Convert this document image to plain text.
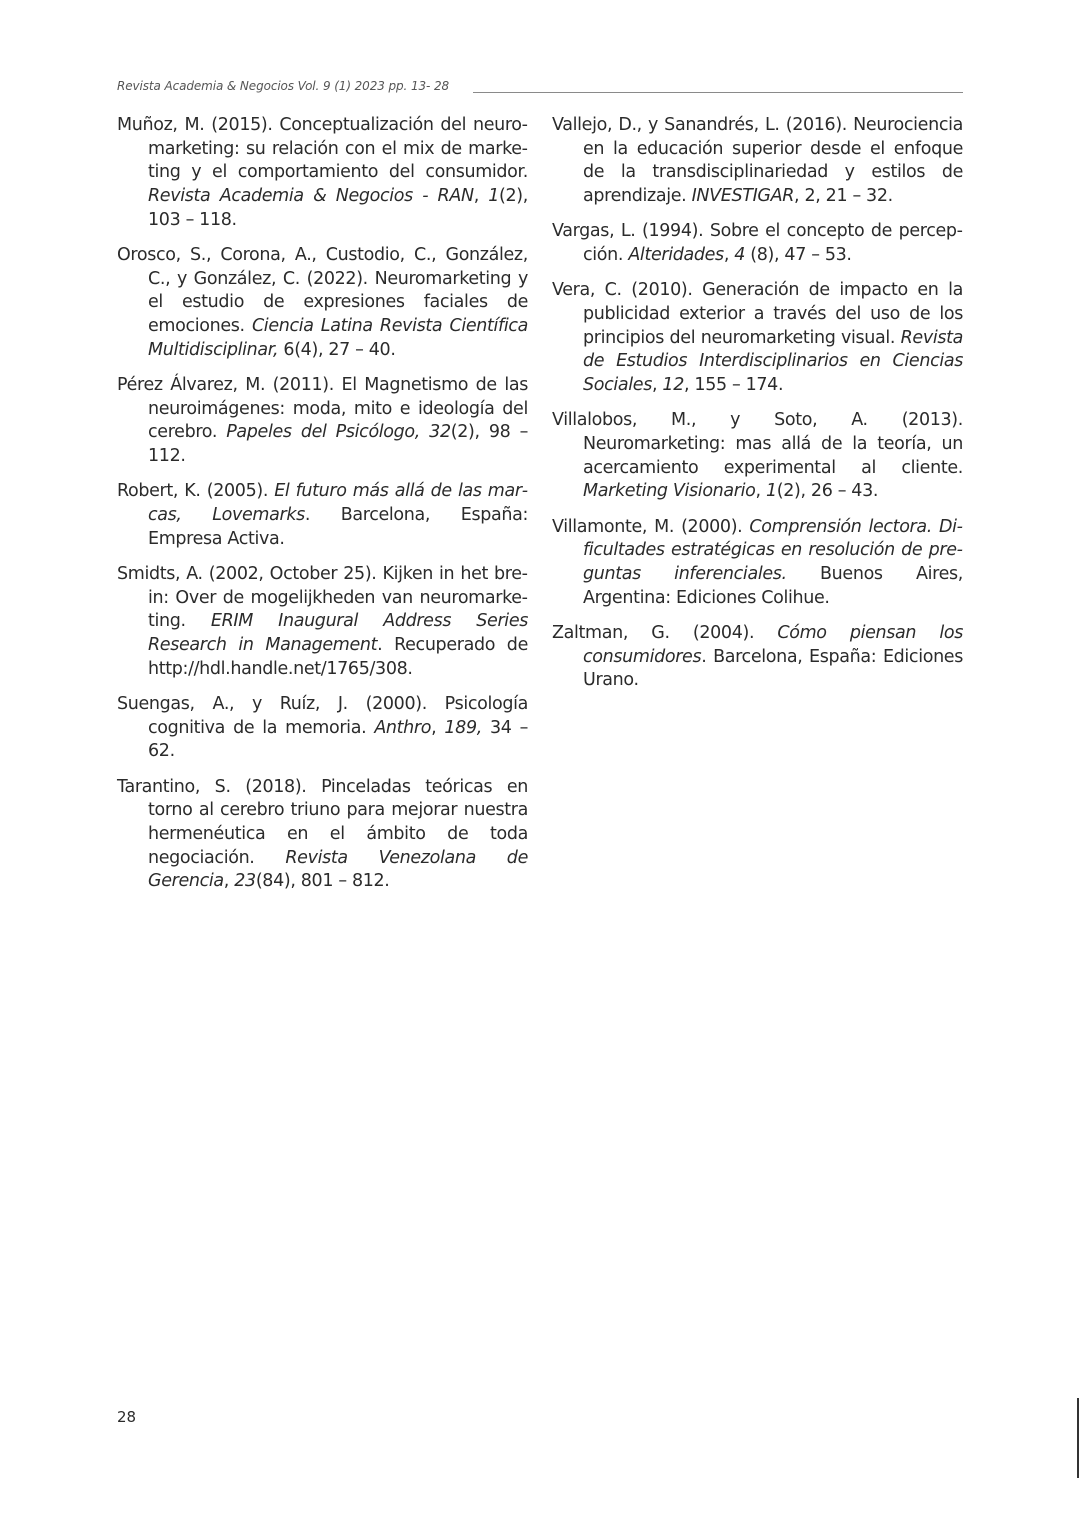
Revista Academia & Negocios Vol. 9 (1) 2023 pp. 13- 28

Muñoz, M. (2015). Conceptualización del neuromarketing: su relación con el mix de marketing y el comportamiento del consumidor. Revista Academia & Negocios - RAN, 1(2), 103 – 118.

Orosco, S., Corona, A., Custodio, C., González, C., y González, C. (2022). Neuromarketing y el estudio de expresiones faciales de emociones. Ciencia Latina Revista Científica Multidisciplinar, 6(4), 27 – 40.

Pérez Álvarez, M. (2011). El Magnetismo de las neuroimágenes: moda, mito e ideología del cerebro. Papeles del Psicólogo, 32(2), 98 – 112.

Robert, K. (2005). El futuro más allá de las marcas, Lovemarks. Barcelona, España: Empresa Activa.

Smidts, A. (2002, October 25). Kijken in het brein: Over de mogelijkheden van neuromarketing. ERIM Inaugural Address Series Research in Management. Recuperado de http://hdl.handle.net/1765/308.

Suengas, A., y Ruíz, J. (2000). Psicología cognitiva de la memoria. Anthro, 189, 34 – 62.

Tarantino, S. (2018). Pinceladas teóricas en torno al cerebro triuno para mejorar nuestra hermenéutica en el ámbito de toda negociación. Revista Venezolana de Gerencia, 23(84), 801 – 812.

Vallejo, D., y Sanandrés, L. (2016). Neurociencia en la educación superior desde el enfoque de la transdisciplinariedad y estilos de aprendizaje. INVESTIGAR, 2, 21 – 32.

Vargas, L. (1994). Sobre el concepto de percepción. Alteridades, 4 (8), 47 – 53.

Vera, C. (2010). Generación de impacto en la publicidad exterior a través del uso de los principios del neuromarketing visual. Revista de Estudios Interdisciplinarios en Ciencias Sociales, 12, 155 – 174.

Villalobos, M., y Soto, A. (2013). Neuromarketing: mas allá de la teoría, un acercamiento experimental al cliente. Marketing Visionario, 1(2), 26 – 43.

Villamonte, M. (2000). Comprensión lectora. Dificultades estratégicas en resolución de preguntas inferenciales. Buenos Aires, Argentina: Ediciones Colihue.

Zaltman, G. (2004). Cómo piensan los consumidores. Barcelona, España: Ediciones Urano.

28
